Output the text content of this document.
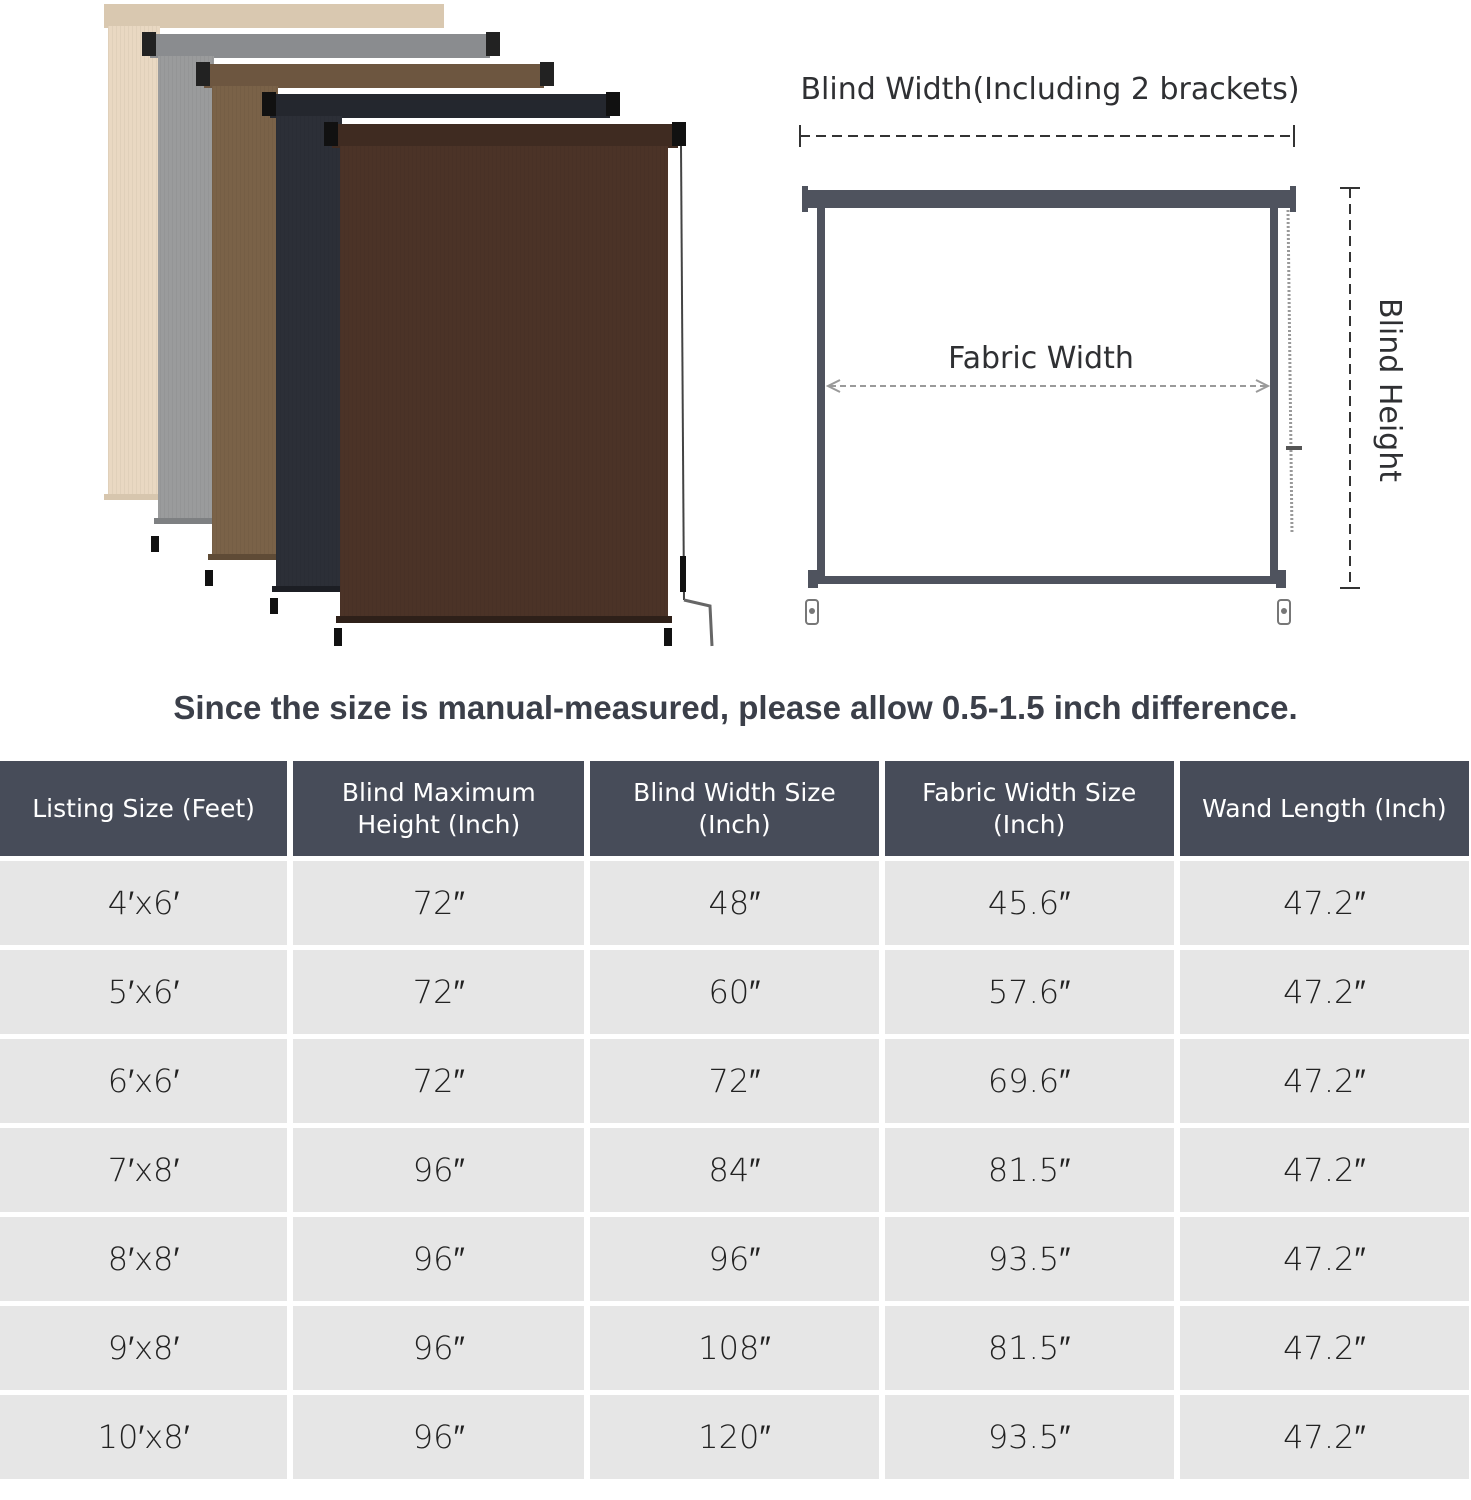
Blind Width(Including 2 brackets)
Fabric Width	Blind Height
Since the size is manual-measured, please allow 0.5-1.5 inch difference.
Listing Size (Feet)	Blind Maximum Height (Inch)	Blind Width Size (Inch)	Fabric Width Size (Inch)	Wand Length (Inch)
4′x6′	72″	48″	45.6″	47.2″
5′x6′	72″	60″	57.6″	47.2″
6′x6′	72″	72″	69.6″	47.2″
7′x8′	96″	84″	81.5″	47.2″
8′x8′	96″	96″	93.5″	47.2″
9′x8′	96″	108″	81.5″	47.2″
10′x8′	96″	120″	93.5″	47.2″
